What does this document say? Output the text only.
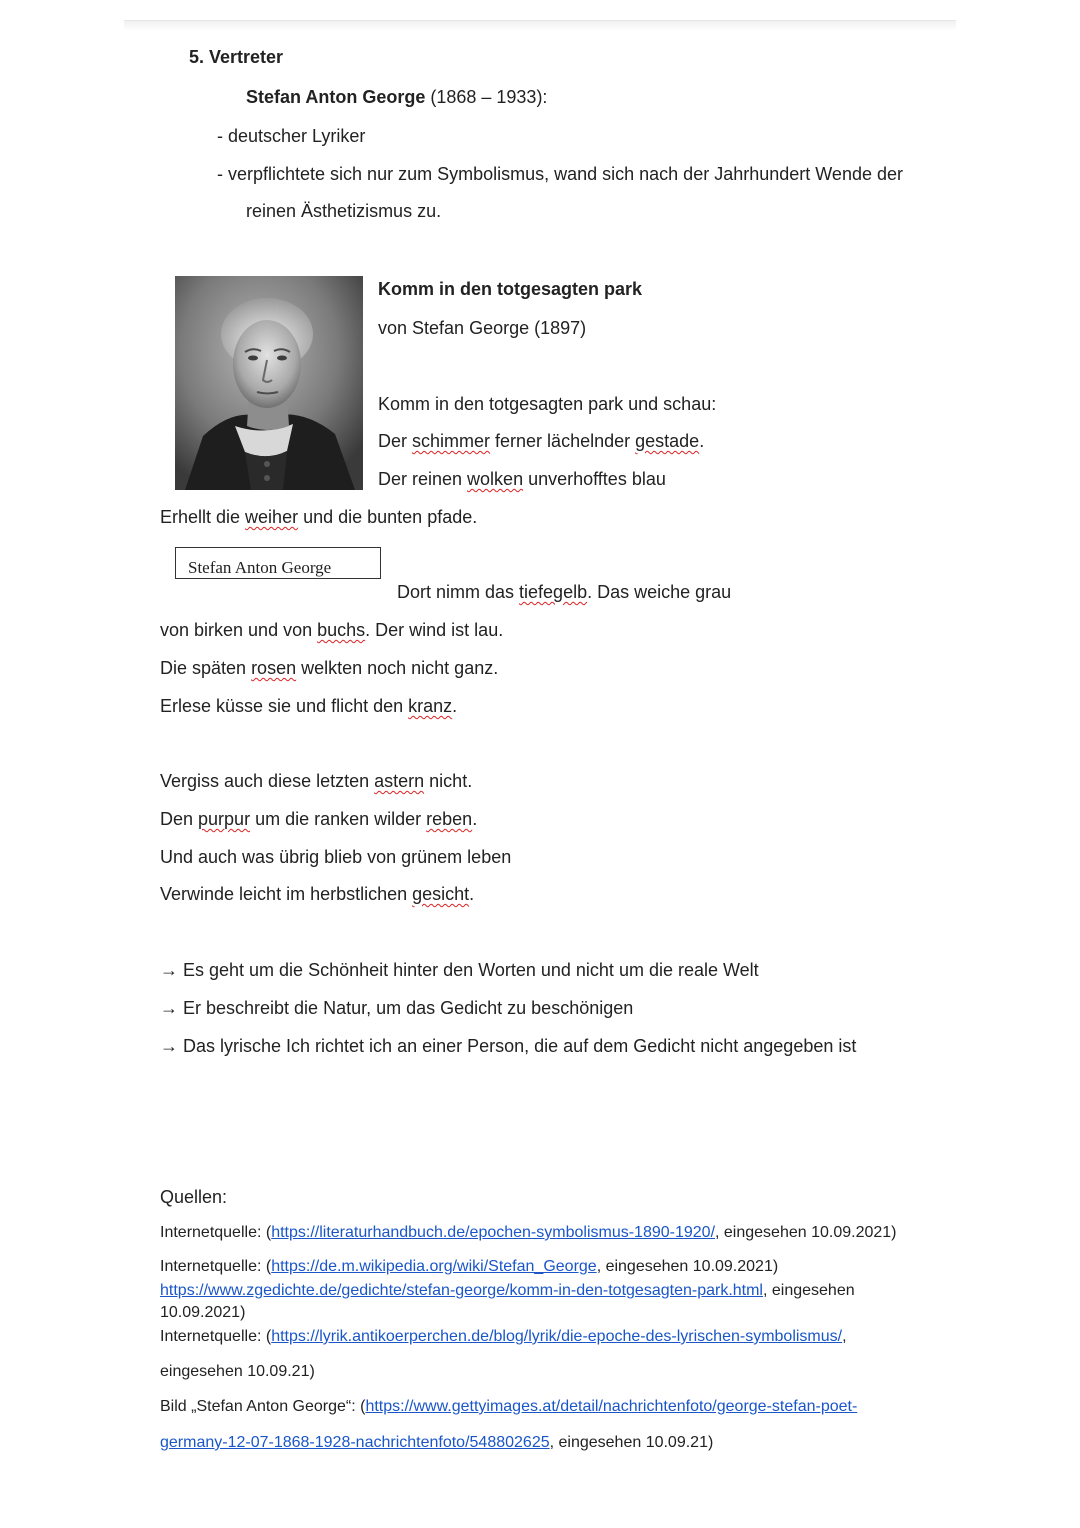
5. Vertreter
Stefan Anton George (1868 – 1933):
- deutscher Lyriker
- verpflichtete sich nur zum Symbolismus, wand sich nach der Jahrhundert Wende der
reinen Ästhetizismus zu.
Komm in den totgesagten park
von Stefan George (1897)
Komm in den totgesagten park und schau:
Der schimmer ferner lächelnder gestade.
Der reinen wolken unverhofftes blau
Erhellt die weiher und die bunten pfade.
Stefan Anton George
Dort nimm das tiefegelb. Das weiche grau
von birken und von buchs. Der wind ist lau.
Die späten rosen welkten noch nicht ganz.
Erlese küsse sie und flicht den kranz.
Vergiss auch diese letzten astern nicht.
Den purpur um die ranken wilder reben.
Und auch was übrig blieb von grünem leben
Verwinde leicht im herbstlichen gesicht.
→ Es geht um die Schönheit hinter den Worten und nicht um die reale Welt
→ Er beschreibt die Natur, um das Gedicht zu beschönigen
→ Das lyrische Ich richtet ich an einer Person, die auf dem Gedicht nicht angegeben ist
Quellen:
Internetquelle: (https://literaturhandbuch.de/epochen-symbolismus-1890-1920/, eingesehen 10.09.2021)
Internetquelle: (https://de.m.wikipedia.org/wiki/Stefan_George, eingesehen 10.09.2021)
https://www.zgedichte.de/gedichte/stefan-george/komm-in-den-totgesagten-park.html, eingesehen
10.09.2021)
Internetquelle: (https://lyrik.antikoerperchen.de/blog/lyrik/die-epoche-des-lyrischen-symbolismus/,
eingesehen 10.09.21)
Bild „Stefan Anton George“: (https://www.gettyimages.at/detail/nachrichtenfoto/george-stefan-poet-
germany-12-07-1868-1928-nachrichtenfoto/548802625, eingesehen 10.09.21)
